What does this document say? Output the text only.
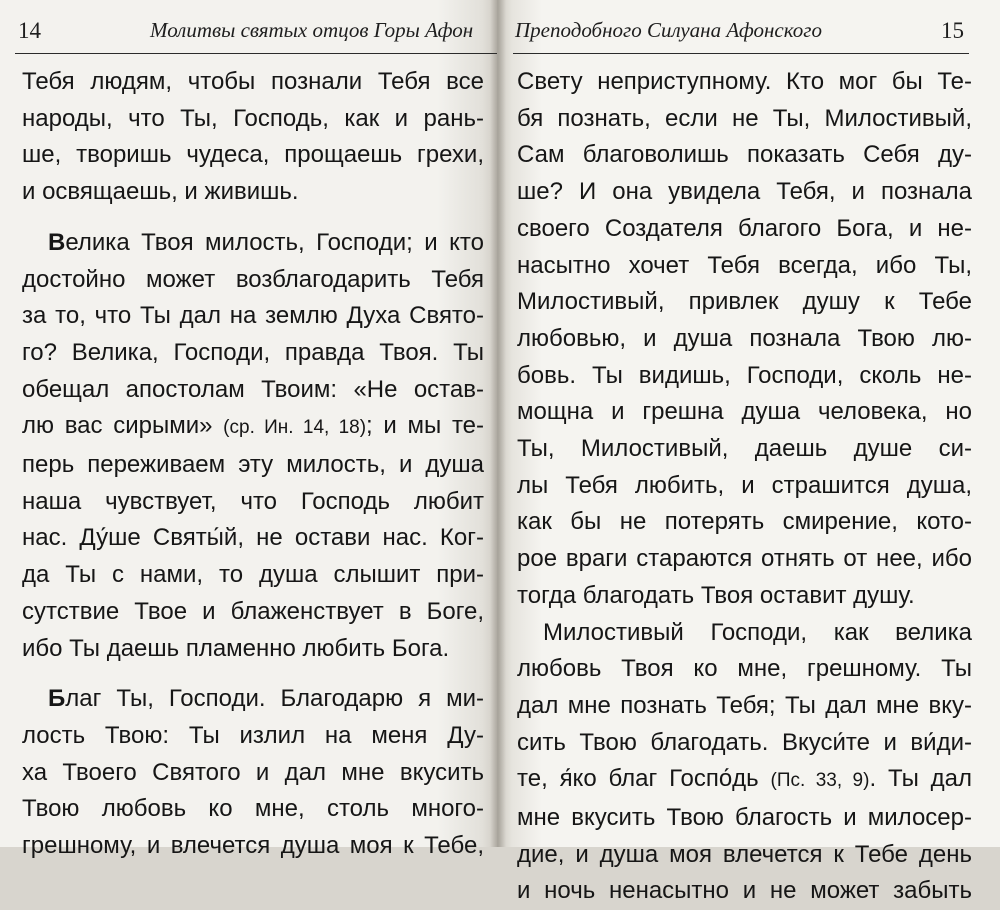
14	Молитвы святых отцов Горы Афон
Тебя людям, чтобы познали Тебя все
народы, что Ты, Господь, как и рань-
ше, творишь чудеса, прощаешь грехи,
и освящаешь, и живишь.
Велика Твоя милость, Господи; и кто
достойно может возблагодарить Тебя
за то, что Ты дал на землю Духа Свято-
го? Велика, Господи, правда Твоя. Ты
обещал апостолам Твоим: «Не остав-
лю вас сирыми» (ср. Ин. 14, 18); и мы те-
перь переживаем эту милость, и душа
наша чувствует, что Господь любит
нас. Ду́ше Святы́й, не остави нас. Ког-
да Ты с нами, то душа слышит при-
сутствие Твое и блаженствует в Боге,
ибо Ты даешь пламенно любить Бога.
Благ Ты, Господи. Благодарю я ми-
лость Твою: Ты излил на меня Ду-
ха Твоего Святого и дал мне вкусить
Твою любовь ко мне, столь много-
грешному, и влечется душа моя к Тебе,
Преподобного Силуана Афонского	15
Свету неприступному. Кто мог бы Те-
бя познать, если не Ты, Милостивый,
Сам благоволишь показать Себя ду-
ше? И она увидела Тебя, и познала
своего Создателя благого Бога, и не-
насытно хочет Тебя всегда, ибо Ты,
Милостивый, привлек душу к Тебе
любовью, и душа познала Твою лю-
бовь. Ты видишь, Господи, сколь не-
мощна и грешна душа человека, но
Ты, Милостивый, даешь душе си-
лы Тебя любить, и страшится душа,
как бы не потерять смирение, кото-
рое враги стараются отнять от нее, ибо
тогда благодать Твоя оставит душу.
Милостивый Господи, как велика
любовь Твоя ко мне, грешному. Ты
дал мне познать Тебя; Ты дал мне вку-
сить Твою благодать. Вкуси́те и ви́ди-
те, я́ко благ Госпо́дь (Пс. 33, 9). Ты дал
мне вкусить Твою благость и милосер-
дие, и душа моя влечется к Тебе день
и ночь ненасытно и не может забыть
